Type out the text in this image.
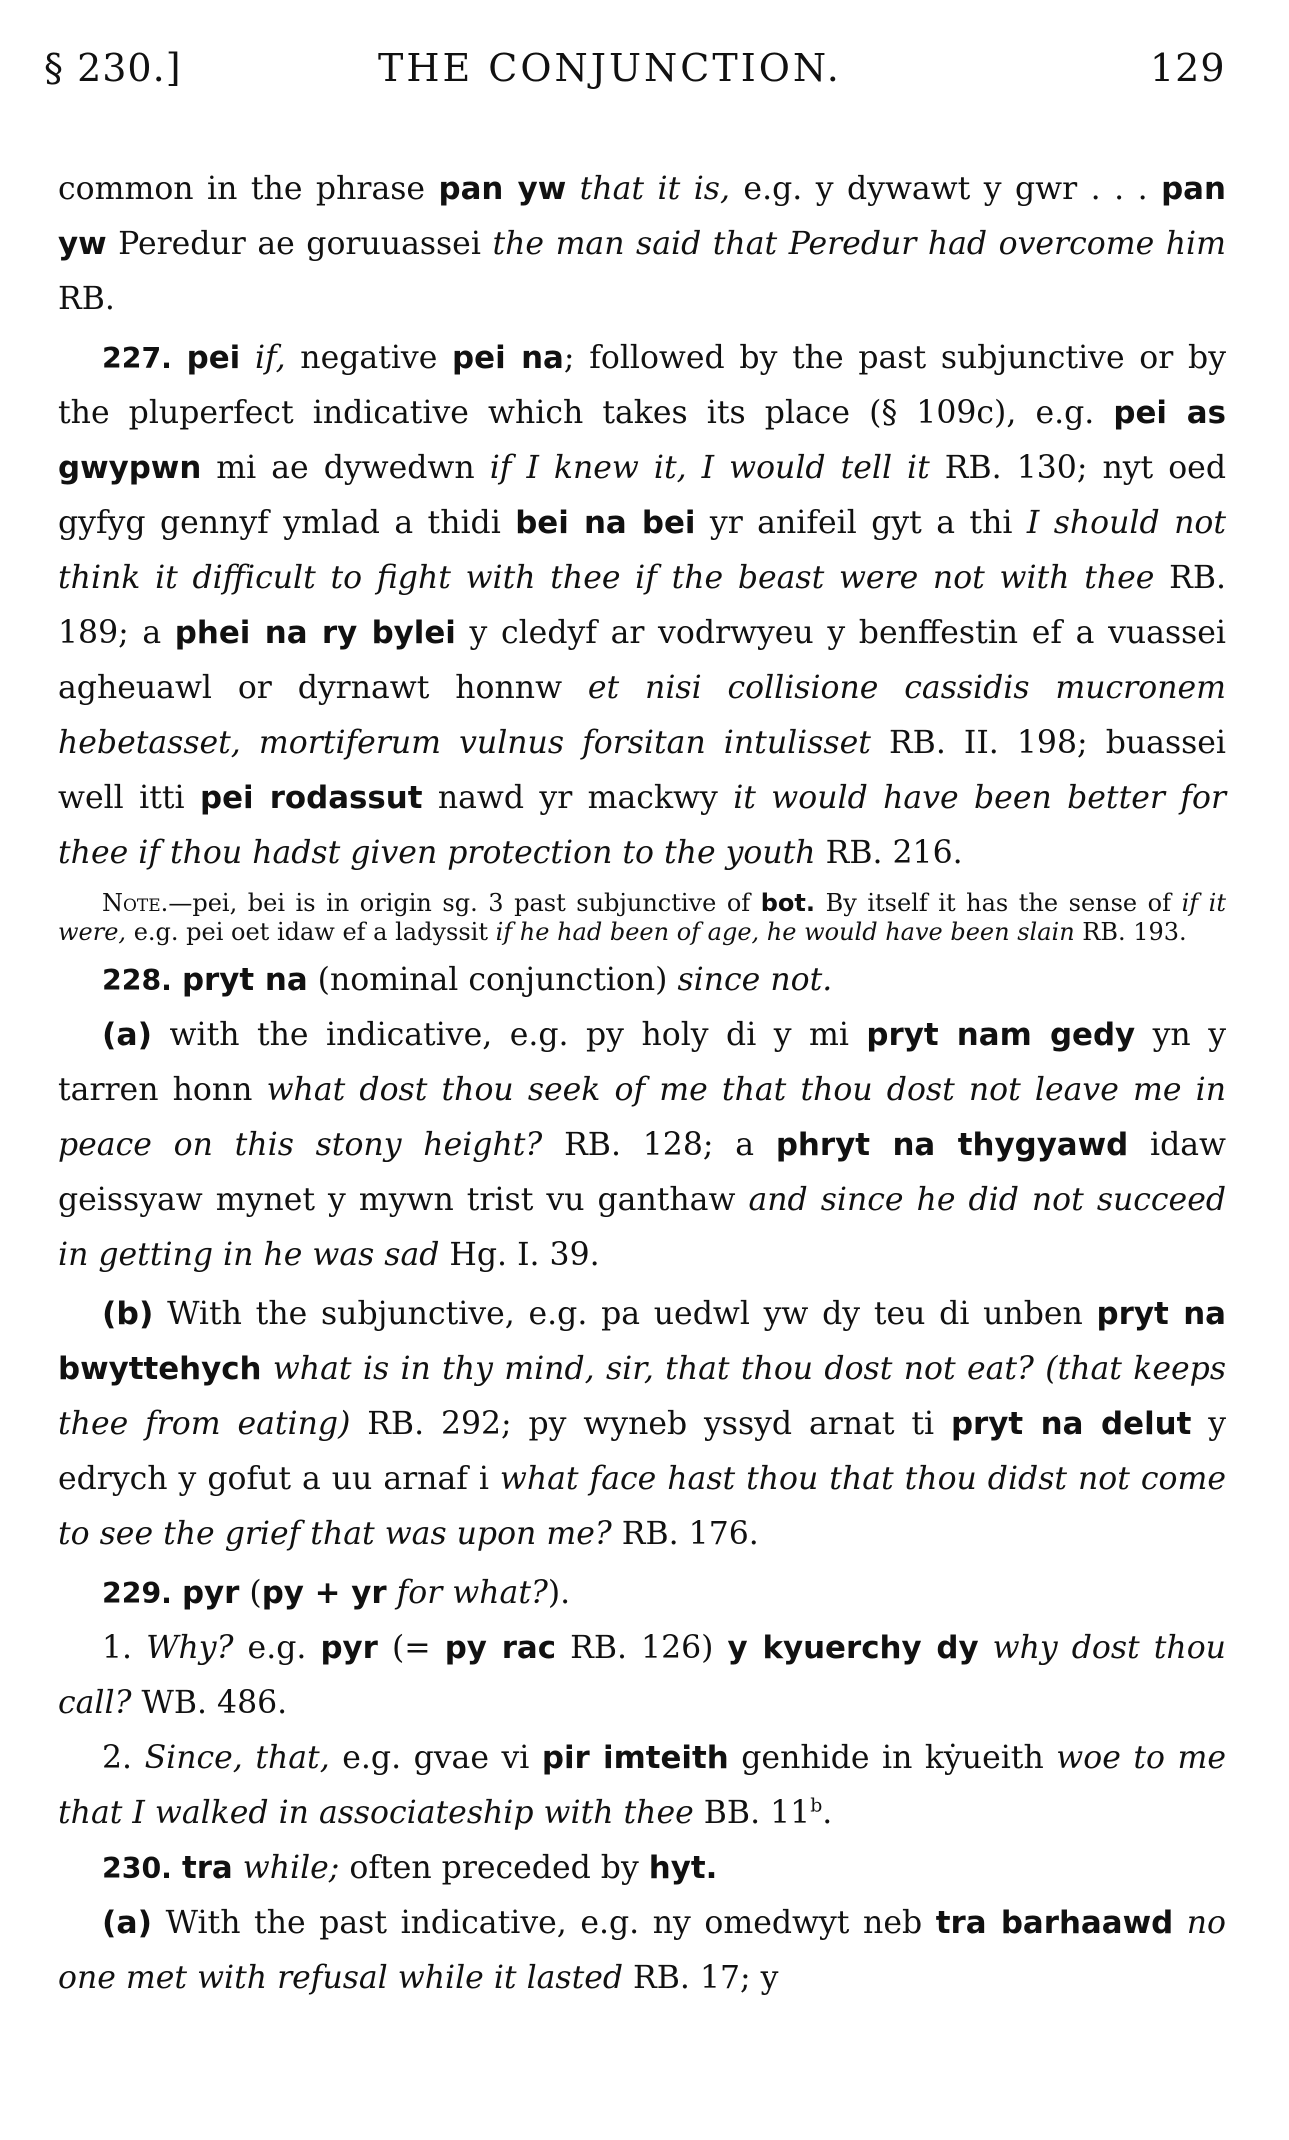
§ 230.]	THE CONJUNCTION.	129

common in the phrase pan yw that it is, e.g. y dywawt y gwr . . . pan yw Peredur ae goruuassei the man said that Peredur had overcome him RB.

227. pei if, negative pei na; followed by the past subjunctive or by the pluperfect indicative which takes its place (§ 109c), e.g. pei as gwypwn mi ae dywedwn if I knew it, I would tell it RB. 130; nyt oed gyfyg gennyf ymlad a thidi bei na bei yr anifeil gyt a thi I should not think it difficult to fight with thee if the beast were not with thee RB. 189; a phei na ry bylei y cledyf ar vodrwyeu y benffestin ef a vuassei agheuawl or dyrnawt honnw et nisi collisione cassidis mucronem hebetasset, mortiferum vulnus forsitan intulisset RB. II. 198; buassei well itti pei rodassut nawd yr mackwy it would have been better for thee if thou hadst given protection to the youth RB. 216.

Note.—pei, bei is in origin sg. 3 past subjunctive of bot. By itself it has the sense of if it were, e.g. pei oet idaw ef a ladyssit if he had been of age, he would have been slain RB. 193.

228. pryt na (nominal conjunction) since not.

(a) with the indicative, e.g. py holy di y mi pryt nam gedy yn y tarren honn what dost thou seek of me that thou dost not leave me in peace on this stony height? RB. 128; a phryt na thygyawd idaw geissyaw mynet y mywn trist vu ganthaw and since he did not succeed in getting in he was sad Hg. I. 39.

(b) With the subjunctive, e.g. pa uedwl yw dy teu di unben pryt na bwyttehych what is in thy mind, sir, that thou dost not eat? (that keeps thee from eating) RB. 292; py wyneb yssyd arnat ti pryt na delut y edrych y gofut a uu arnaf i what face hast thou that thou didst not come to see the grief that was upon me? RB. 176.

229. pyr (py + yr for what?).

1. Why? e.g. pyr (= py rac RB. 126) y kyuerchy dy why dost thou call? WB. 486.

2. Since, that, e.g. gvae vi pir imteith genhide in kẏueith woe to me that I walked in associateship with thee BB. 11$^b$.

230. tra while; often preceded by hyt.

(a) With the past indicative, e.g. ny omedwyt neb tra barhaawd no one met with refusal while it lasted RB. 17; y
